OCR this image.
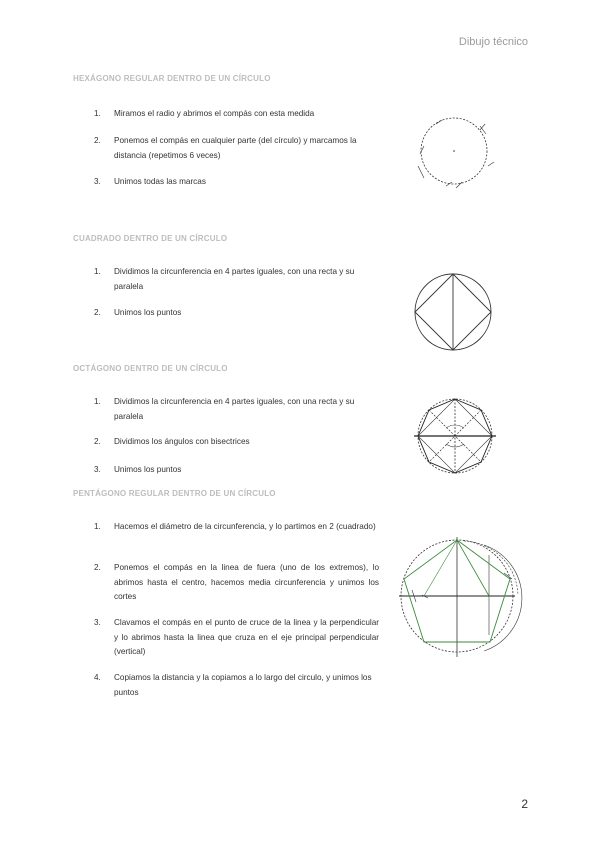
Dibujo técnico
HEXÁGONO REGULAR DENTRO DE UN CÍRCULO
1.	Miramos el radio y abrimos el compás con esta medida
2.	Ponemos el compás en cualquier parte (del círculo) y marcamos la distancia (repetimos 6 veces)
3.	Unimos todas las marcas
CUADRADO DENTRO DE UN CÍRCULO
1.	Dividimos la circunferencia en 4 partes iguales, con una recta y su paralela
2.	Unimos los puntos
OCTÁGONO DENTRO DE UN CÍRCULO
1.	Dividimos la circunferencia en 4 partes iguales, con una recta y su paralela
2.	Dividimos los ángulos con bisectrices
3.	Unimos los puntos
PENTÁGONO REGULAR DENTRO DE UN CÍRCULO
1.	Hacemos el diámetro de la circunferencia, y lo partimos en 2 (cuadrado)
2.	Ponemos el compás en la linea de fuera (uno de los extremos), lo abrimos hasta el centro, hacemos media circunferencia y unimos los cortes
3.	Clavamos el compás en el punto de cruce de la linea y la perpendicular y lo abrimos hasta la linea que cruza en el eje principal perpendicular (vertical)
4.	Copiamos la distancia y la copiamos a lo largo del circulo, y unimos los puntos
2
